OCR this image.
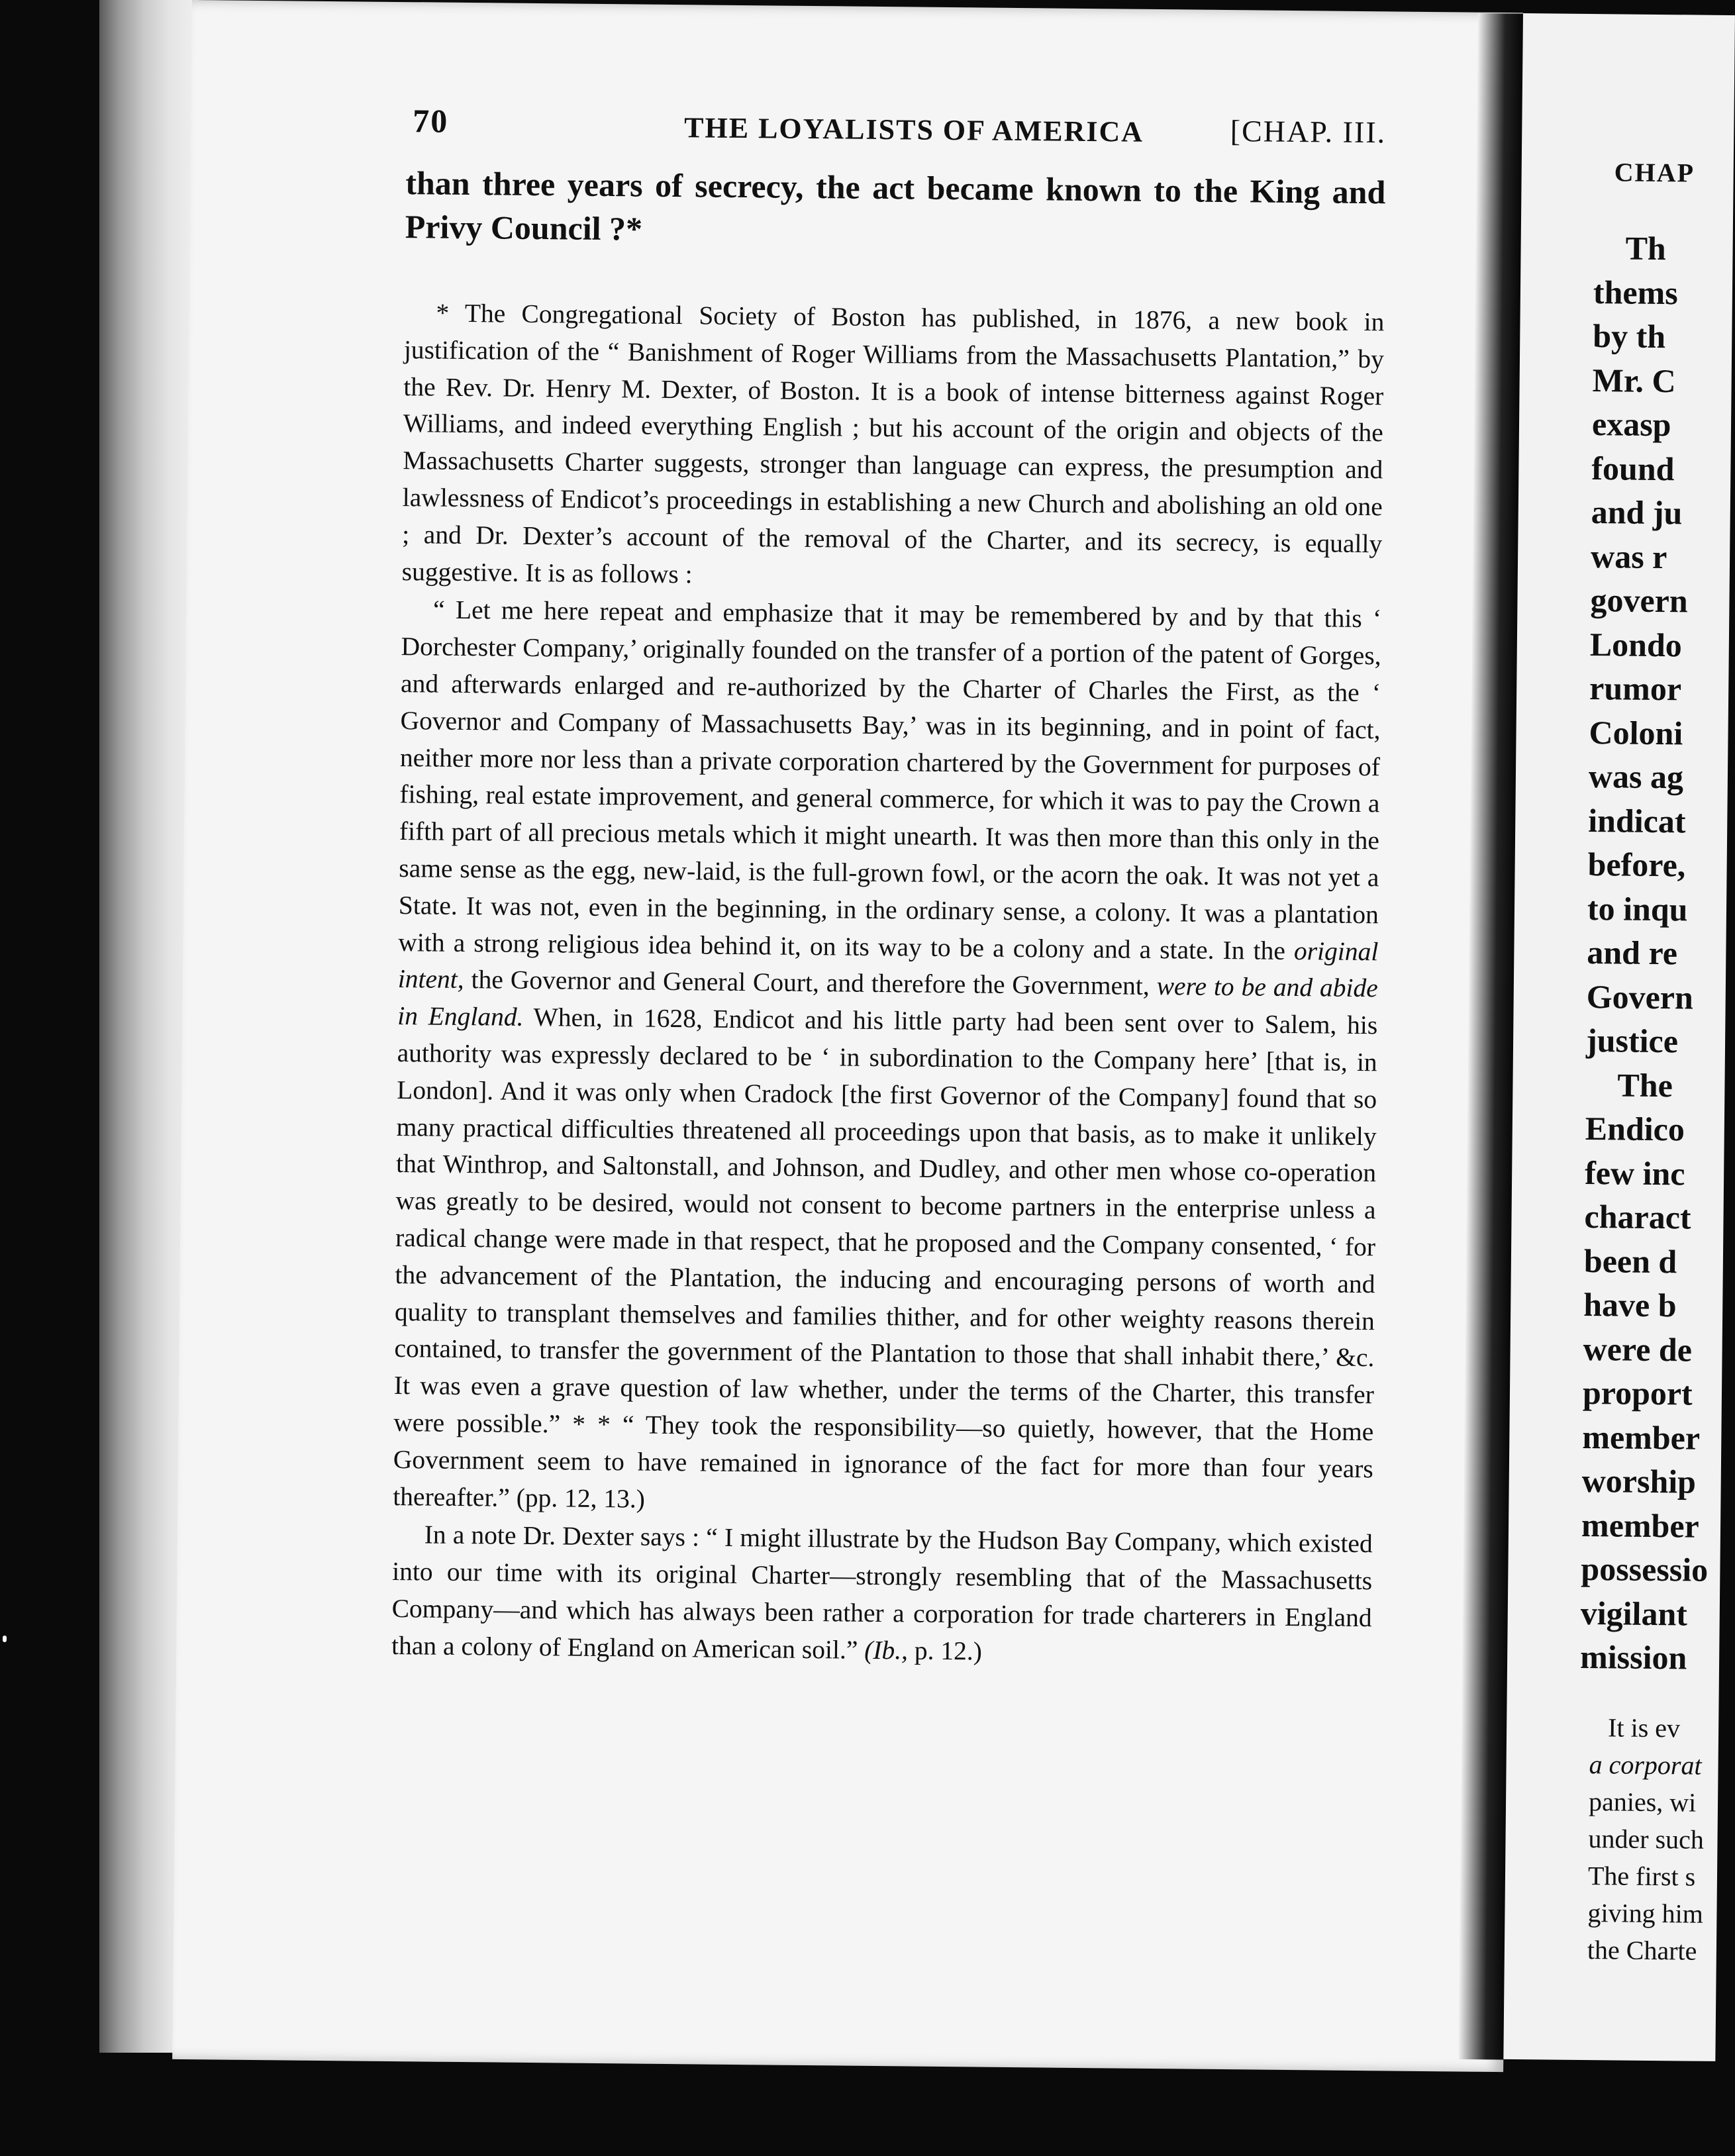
70	THE LOYALISTS OF AMERICA	[CHAP. III.

than three years of secrecy, the act became known to the King and Privy Council ?*

* The Congregational Society of Boston has published, in 1876, a new book in justification of the “ Banishment of Roger Williams from the Massachusetts Plantation,” by the Rev. Dr. Henry M. Dexter, of Boston. It is a book of intense bitterness against Roger Williams, and indeed everything English ; but his account of the origin and objects of the Massachusetts Charter suggests, stronger than language can express, the presumption and lawlessness of Endicot’s proceedings in establishing a new Church and abolishing an old one ; and Dr. Dexter’s account of the removal of the Charter, and its secrecy, is equally suggestive. It is as follows :

“ Let me here repeat and emphasize that it may be remembered by and by that this ‘ Dorchester Company,’ originally founded on the transfer of a portion of the patent of Gorges, and afterwards enlarged and re-authorized by the Charter of Charles the First, as the ‘ Governor and Company of Massachusetts Bay,’ was in its beginning, and in point of fact, neither more nor less than a private corporation chartered by the Government for purposes of fishing, real estate improvement, and general commerce, for which it was to pay the Crown a fifth part of all precious metals which it might unearth. It was then more than this only in the same sense as the egg, new-laid, is the full-grown fowl, or the acorn the oak. It was not yet a State. It was not, even in the beginning, in the ordinary sense, a colony. It was a plantation with a strong religious idea behind it, on its way to be a colony and a state. In the original intent, the Governor and General Court, and therefore the Government, were to be and abide in England. When, in 1628, Endicot and his little party had been sent over to Salem, his authority was expressly declared to be ‘ in subordination to the Company here’ [that is, in London]. And it was only when Cradock [the first Governor of the Company] found that so many practical difficulties threatened all proceedings upon that basis, as to make it unlikely that Winthrop, and Saltonstall, and Johnson, and Dudley, and other men whose co-operation was greatly to be desired, would not consent to become partners in the enterprise unless a radical change were made in that respect, that he proposed and the Company consented, ‘ for the advancement of the Plantation, the inducing and encouraging persons of worth and quality to transplant themselves and families thither, and for other weighty reasons therein contained, to transfer the government of the Plantation to those that shall inhabit there,’ &c. It was even a grave question of law whether, under the terms of the Charter, this transfer were possible.” * * “ They took the responsibility—so quietly, however, that the Home Government seem to have remained in ignorance of the fact for more than four years thereafter.” (pp. 12, 13.)

In a note Dr. Dexter says : “ I might illustrate by the Hudson Bay Company, which existed into our time with its original Charter—strongly resembling that of the Massachusetts Company—and which has always been rather a corporation for trade charterers in England than a colony of England on American soil.” (Ib., p. 12.)

CHAP
Th
thems
by th
Mr. C
exasp
found
and ju
was r
govern
Londo
rumor
Coloni
was ag
indicat
before,
to inqu
and re
Govern
justice
The
Endico
few inc
charact
been d
have b
were de
proport
member
worship
member
possessio
vigilant
mission
It is ev
a corporat
panies, wi
under such
The first s
giving him
the Charte
